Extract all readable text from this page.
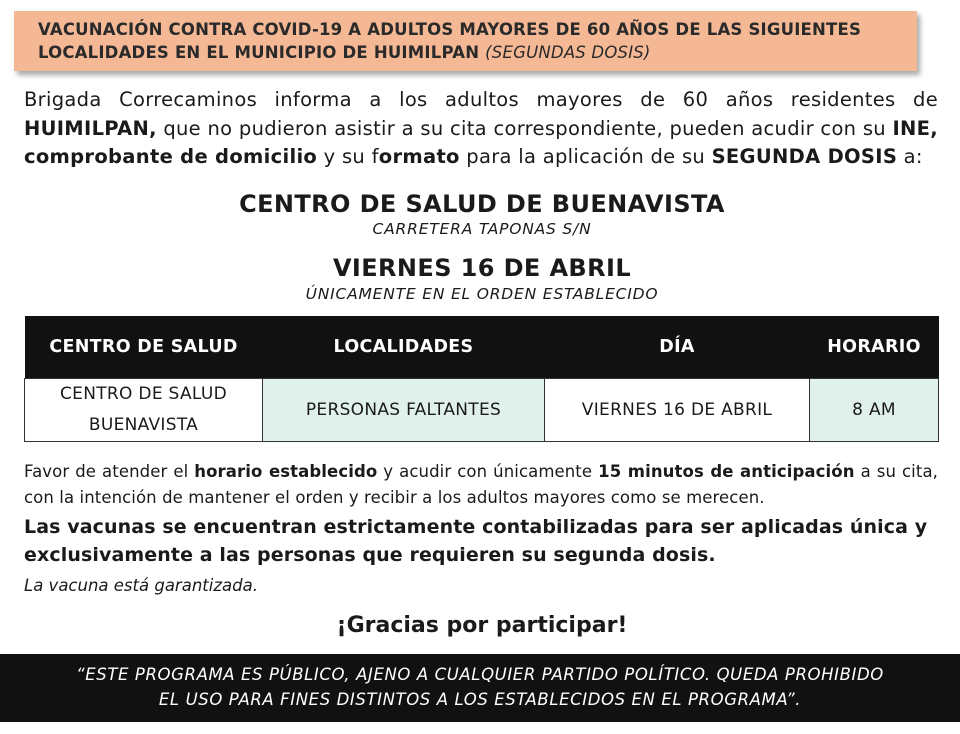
VACUNACIÓN CONTRA COVID-19 A ADULTOS MAYORES DE 60 AÑOS DE LAS SIGUIENTES
LOCALIDADES EN EL MUNICIPIO DE HUIMILPAN (SEGUNDAS DOSIS)
Brigada Correcaminos informa a los adultos mayores de 60 años residentes de HUIMILPAN, que no pudieron asistir a su cita correspondiente, pueden acudir con su INE, comprobante de domicilio y su formato para la aplicación de su SEGUNDA DOSIS a:
CENTRO DE SALUD DE BUENAVISTA
CARRETERA TAPONAS S/N
VIERNES 16 DE ABRIL
ÚNICAMENTE EN EL ORDEN ESTABLECIDO
CENTRO DE SALUD	LOCALIDADES	DÍA	HORARIO
CENTRO DE SALUD BUENAVISTA	PERSONAS FALTANTES	VIERNES 16 DE ABRIL	8 AM
Favor de atender el horario establecido y acudir con únicamente 15 minutos de anticipación a su cita, con la intención de mantener el orden y recibir a los adultos mayores como se merecen.
Las vacunas se encuentran estrictamente contabilizadas para ser aplicadas única y exclusivamente a las personas que requieren su segunda dosis.
La vacuna está garantizada.
¡Gracias por participar!
“ESTE PROGRAMA ES PÚBLICO, AJENO A CUALQUIER PARTIDO POLÍTICO. QUEDA PROHIBIDO
EL USO PARA FINES DISTINTOS A LOS ESTABLECIDOS EN EL PROGRAMA”.
